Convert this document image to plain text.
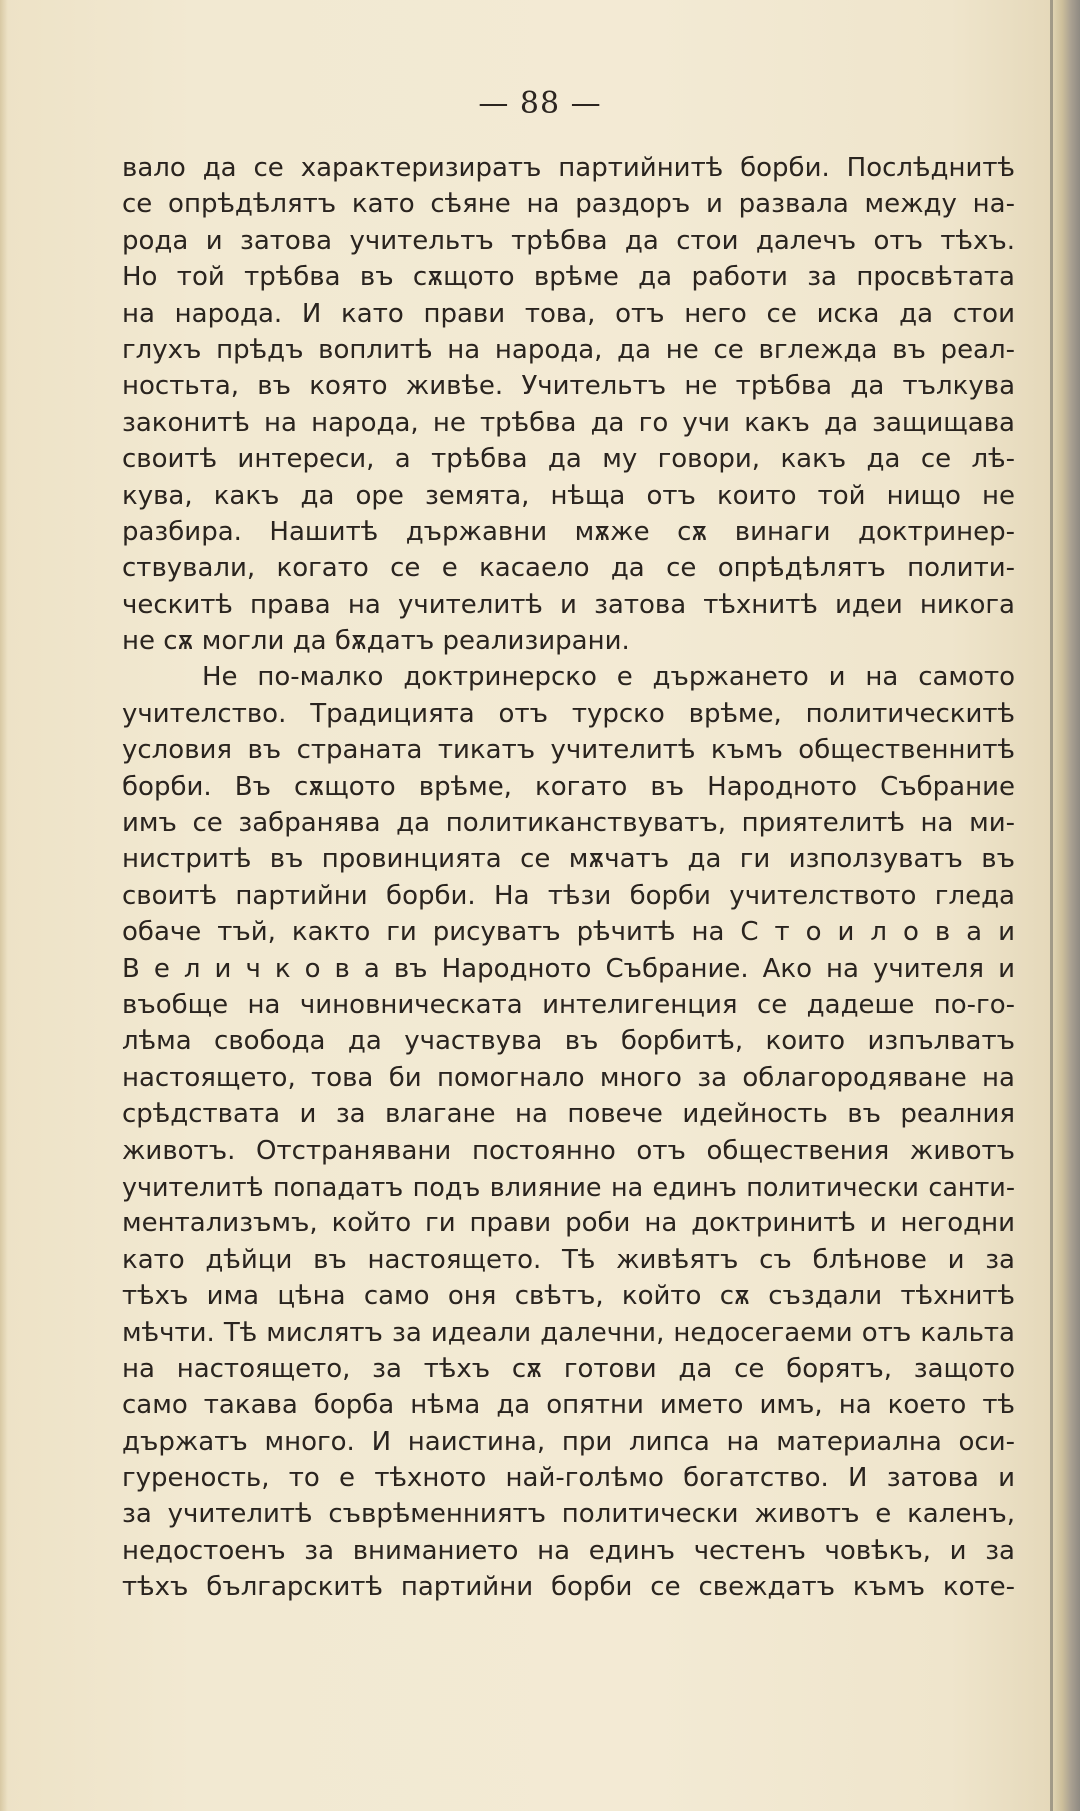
— 88 —
вало да се характеризиратъ партийнитѣ борби. Послѣднитѣ
се опрѣдѣлятъ като сѣяне на раздоръ и развала между на-
рода и затова учительтъ трѣбва да стои далечъ отъ тѣхъ.
Но той трѣбва въ сѫщото врѣме да работи за просвѣтата
на народа. И като прави това, отъ него се иска да стои
глухъ прѣдъ воплитѣ на народа, да не се вглежда въ реал-
ностьта, въ която живѣе. Учительтъ не трѣбва да тълкува
законитѣ на народа, не трѣбва да го учи какъ да защищава
своитѣ интереси, а трѣбва да му говори, какъ да се лѣ-
кува, какъ да оре земята, нѣща отъ които той нищо не
разбира. Нашитѣ държавни мѫже сѫ винаги доктринер-
ствували, когато се е касаело да се опрѣдѣлятъ полити-
ческитѣ права на учителитѣ и затова тѣхнитѣ идеи никога
не сѫ могли да бѫдатъ реализирани.
Не по-малко доктринерско е държането и на самото
учителство. Традицията отъ турско врѣме, политическитѣ
условия въ страната тикатъ учителитѣ къмъ общественнитѣ
борби. Въ сѫщото врѣме, когато въ Народното Събрание
имъ се забранява да политиканствуватъ, приятелитѣ на ми-
нистритѣ въ провинцията се мѫчатъ да ги използуватъ въ
своитѣ партийни борби. На тѣзи борби учителството гледа
обаче тъй, както ги рисуватъ рѣчитѣ на С т о и л о в а и
В е л и ч к о в а въ Народното Събрание. Ако на учителя и
въобще на чиновническата интелигенция се дадеше по-го-
лѣма свобода да участвува въ борбитѣ, които изпълватъ
настоящето, това би помогнало много за облагородяване на
срѣдствата и за влагане на повече идейность въ реалния
животъ. Отстранявани постоянно отъ обществения животъ
учителитѣ попадатъ подъ влияние на единъ политически санти-
ментализъмъ, който ги прави роби на доктринитѣ и негодни
като дѣйци въ настоящето. Тѣ живѣятъ съ блѣнове и за
тѣхъ има цѣна само оня свѣтъ, който сѫ създали тѣхнитѣ
мѣчти. Тѣ мислятъ за идеали далечни, недосегаеми отъ кальта
на настоящето, за тѣхъ сѫ готови да се борятъ, защото
само такава борба нѣма да опятни името имъ, на което тѣ
държатъ много. И наистина, при липса на материална оси-
гуреность, то е тѣхното най-голѣмо богатство. И затова и
за учителитѣ съврѣменниятъ политически животъ е каленъ,
недостоенъ за вниманието на единъ честенъ човѣкъ, и за
тѣхъ българскитѣ партийни борби се свеждатъ къмъ коте-
